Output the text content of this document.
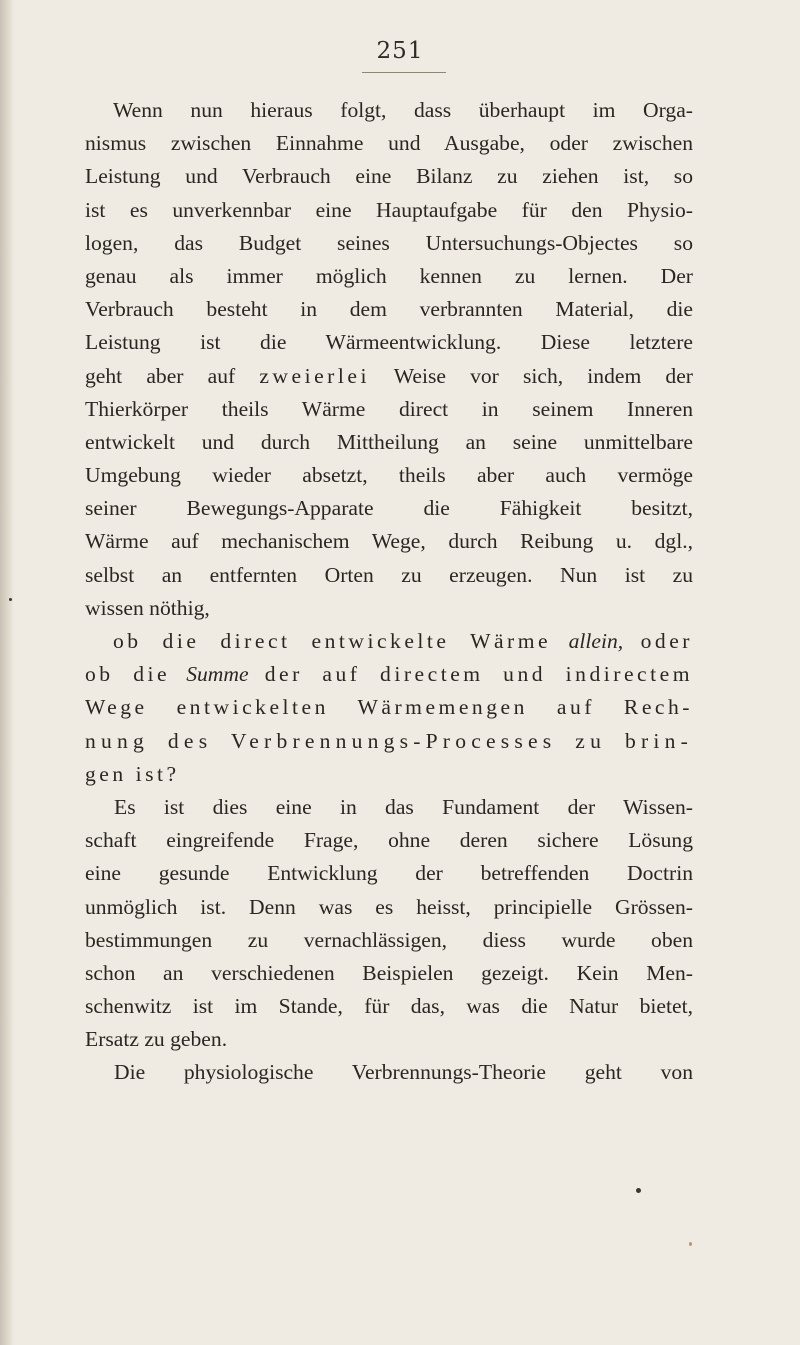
251
Wenn nun hieraus folgt, dass überhaupt im Orga-
nismus zwischen Einnahme und Ausgabe, oder zwischen
Leistung und Verbrauch eine Bilanz zu ziehen ist, so
ist es unverkennbar eine Hauptaufgabe für den Physio-
logen, das Budget seines Untersuchungs-Objectes so
genau als immer möglich kennen zu lernen. Der
Verbrauch besteht in dem verbrannten Material, die
Leistung ist die Wärmeentwicklung. Diese letztere
geht aber auf zweierlei Weise vor sich, indem der
Thierkörper theils Wärme direct in seinem Inneren
entwickelt und durch Mittheilung an seine unmittelbare
Umgebung wieder absetzt, theils aber auch vermöge
seiner Bewegungs-Apparate die Fähigkeit besitzt,
Wärme auf mechanischem Wege, durch Reibung u. dgl.,
selbst an entfernten Orten zu erzeugen. Nun ist zu
wissen nöthig,
ob die direct entwickelte Wärme allein, oder
ob die Summe der auf directem und indirectem
Wege entwickelten Wärmemengen auf Rech-
nung des Verbrennungs-Processes zu brin-
gen ist?
Es ist dies eine in das Fundament der Wissen-
schaft eingreifende Frage, ohne deren sichere Lösung
eine gesunde Entwicklung der betreffenden Doctrin
unmöglich ist. Denn was es heisst, principielle Grössen-
bestimmungen zu vernachlässigen, diess wurde oben
schon an verschiedenen Beispielen gezeigt. Kein Men-
schenwitz ist im Stande, für das, was die Natur bietet,
Ersatz zu geben.
Die physiologische Verbrennungs-Theorie geht von
